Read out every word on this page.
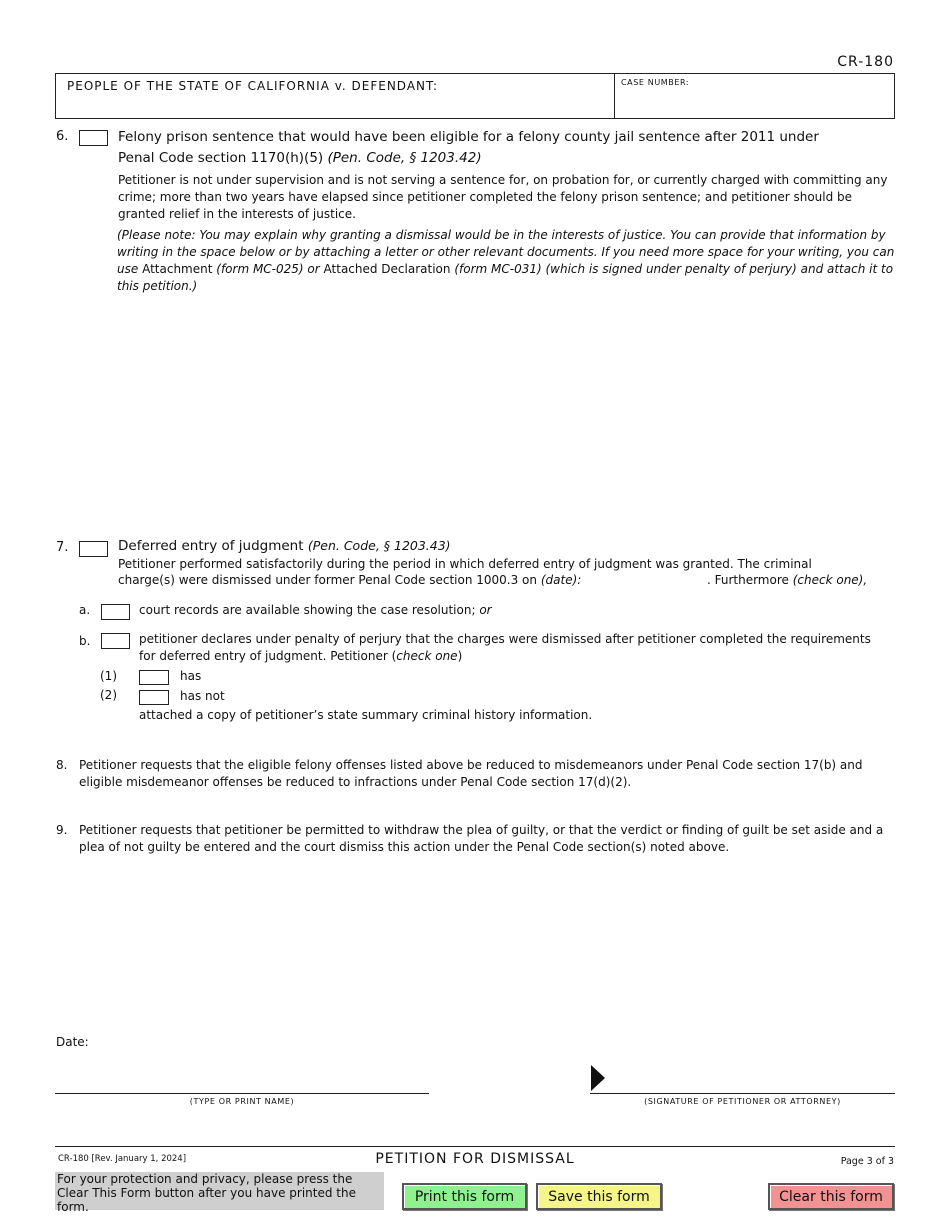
CR-180
PEOPLE OF THE STATE OF CALIFORNIA v. DEFENDANT:	CASE NUMBER:
6.	Felony prison sentence that would have been eligible for a felony county jail sentence after 2011 under
Penal Code section 1170(h)(5) (Pen. Code, § 1203.42)
Petitioner is not under supervision and is not serving a sentence for, on probation for, or currently charged with committing any crime; more than two years have elapsed since petitioner completed the felony prison sentence; and petitioner should be granted relief in the interests of justice.
(Please note: You may explain why granting a dismissal would be in the interests of justice. You can provide that information by writing in the space below or by attaching a letter or other relevant documents. If you need more space for your writing, you can use Attachment (form MC-025) or Attached Declaration (form MC-031) (which is signed under penalty of perjury) and attach it to this petition.)
7.	Deferred entry of judgment (Pen. Code, § 1203.43)
Petitioner performed satisfactorily during the period in which deferred entry of judgment was granted. The criminal
charge(s) were dismissed under former Penal Code section 1000.3 on (date):	. Furthermore (check one),
a.	court records are available showing the case resolution; or
b.	petitioner declares under penalty of perjury that the charges were dismissed after petitioner completed the requirements for deferred entry of judgment. Petitioner (check one)
(1)	has
(2)	has not
attached a copy of petitioner’s state summary criminal history information.
8. Petitioner requests that the eligible felony offenses listed above be reduced to misdemeanors under Penal Code section 17(b) and eligible misdemeanor offenses be reduced to infractions under Penal Code section 17(d)(2).
9. Petitioner requests that petitioner be permitted to withdraw the plea of guilty, or that the verdict or finding of guilt be set aside and a plea of not guilty be entered and the court dismiss this action under the Penal Code section(s) noted above.
Date:
(TYPE OR PRINT NAME)	(SIGNATURE OF PETITIONER OR ATTORNEY)
CR-180 [Rev. January 1, 2024]	PETITION FOR DISMISSAL	Page 3 of 3
For your protection and privacy, please press the Clear This Form button after you have printed the form.
Print this form	Save this form	Clear this form
